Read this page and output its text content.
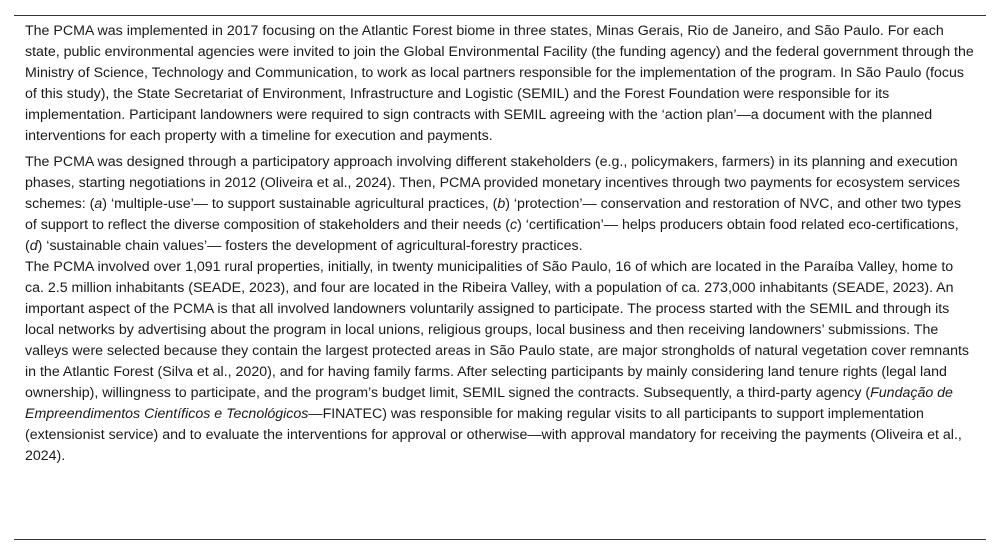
The PCMA was implemented in 2017 focusing on the Atlantic Forest biome in three states, Minas Gerais, Rio de Janeiro, and São Paulo. For each state, public environmental agencies were invited to join the Global Environmental Facility (the funding agency) and the federal government through the Ministry of Science, Technology and Communication, to work as local partners responsible for the implementation of the program. In São Paulo (focus of this study), the State Secretariat of Environment, Infrastructure and Logistic (SEMIL) and the Forest Foundation were responsible for its implementation. Participant landowners were required to sign contracts with SEMIL agreeing with the ‘action plan’—a document with the planned interventions for each property with a timeline for execution and payments.

The PCMA was designed through a participatory approach involving different stakeholders (e.g., policymakers, farmers) in its planning and execution phases, starting negotiations in 2012 (Oliveira et al., 2024). Then, PCMA provided monetary incentives through two payments for ecosystem services schemes: (a) ‘multiple-use’— to support sustainable agricultural practices, (b) ‘protection’— conservation and restoration of NVC, and other two types of support to reflect the diverse composition of stakeholders and their needs (c) ‘certification’— helps producers obtain food related eco-certifications, (d) ‘sustainable chain values’— fosters the development of agricultural-forestry practices.

The PCMA involved over 1,091 rural properties, initially, in twenty municipalities of São Paulo, 16 of which are located in the Paraíba Valley, home to ca. 2.5 million inhabitants (SEADE, 2023), and four are located in the Ribeira Valley, with a population of ca. 273,000 inhabitants (SEADE, 2023). An important aspect of the PCMA is that all involved landowners voluntarily assigned to participate. The process started with the SEMIL and through its local networks by advertising about the program in local unions, religious groups, local business and then receiving landowners’ submissions. The valleys were selected because they contain the largest protected areas in São Paulo state, are major strongholds of natural vegetation cover remnants in the Atlantic Forest (Silva et al., 2020), and for having family farms. After selecting participants by mainly considering land tenure rights (legal land ownership), willingness to participate, and the program’s budget limit, SEMIL signed the contracts. Subsequently, a third-party agency (Fundação de Empreendimentos Científicos e Tecnológicos—FINATEC) was responsible for making regular visits to all participants to support implementation (extensionist service) and to evaluate the interventions for approval or otherwise—with approval mandatory for receiving the payments (Oliveira et al., 2024).
